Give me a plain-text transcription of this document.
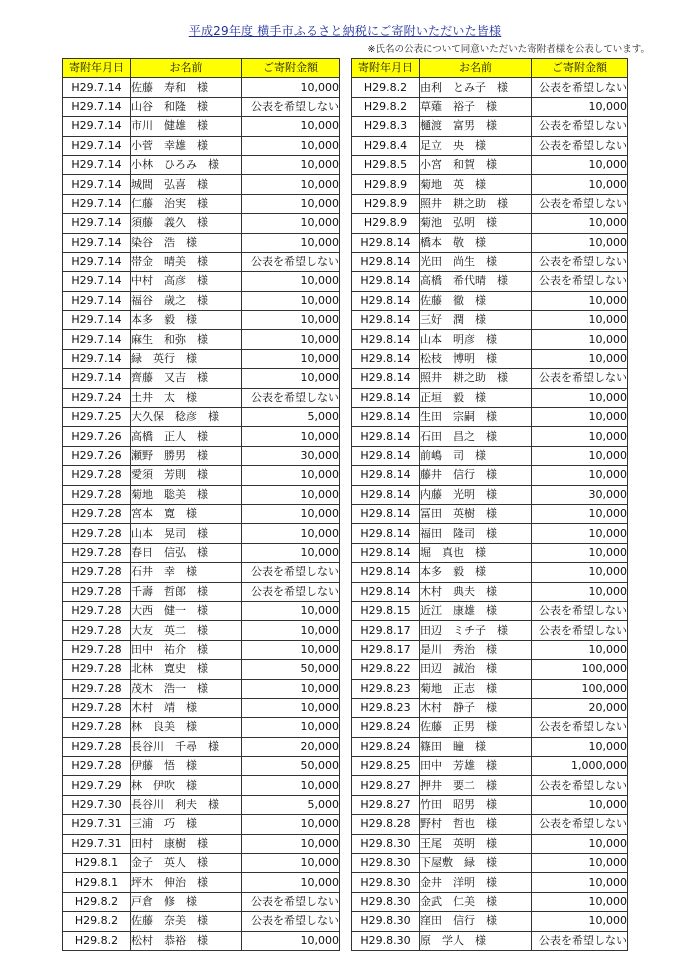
平成29年度 横手市ふるさと納税にご寄附いただいた皆様
※氏名の公表について同意いただいた寄附者様を公表しています。
寄附年月日	お名前	ご寄附金額
H29.7.14	佐藤　寿和　様	10,000
H29.7.14	山谷　和隆　様	公表を希望しない
H29.7.14	市川　健雄　様	10,000
H29.7.14	小菅　幸雄　様	10,000
H29.7.14	小林　ひろみ　様	10,000
H29.7.14	城間　弘喜　様	10,000
H29.7.14	仁藤　治実　様	10,000
H29.7.14	須藤　義久　様	10,000
H29.7.14	染谷　浩　様	10,000
H29.7.14	帯金　晴美　様	公表を希望しない
H29.7.14	中村　高彦　様	10,000
H29.7.14	福谷　歳之　様	10,000
H29.7.14	本多　毅　様	10,000
H29.7.14	麻生　和弥　様	10,000
H29.7.14	緑　英行　様	10,000
H29.7.14	齊藤　又吉　様	10,000
H29.7.24	土井　太　様	公表を希望しない
H29.7.25	大久保　稔彦　様	5,000
H29.7.26	高橋　正人　様	10,000
H29.7.26	瀬野　勝男　様	30,000
H29.7.28	愛須　芳則　様	10,000
H29.7.28	菊地　聡美　様	10,000
H29.7.28	宮本　寛　様	10,000
H29.7.28	山本　晃司　様	10,000
H29.7.28	春日　信弘　様	10,000
H29.7.28	石井　幸　様	公表を希望しない
H29.7.28	千壽　哲郎　様	公表を希望しない
H29.7.28	大西　健一　様	10,000
H29.7.28	大友　英二　様	10,000
H29.7.28	田中　祐介　様	10,000
H29.7.28	北林　寛史　様	50,000
H29.7.28	茂木　浩一　様	10,000
H29.7.28	木村　靖　様	10,000
H29.7.28	林　良美　様	10,000
H29.7.28	長谷川　千尋　様	20,000
H29.7.28	伊藤　悟　様	50,000
H29.7.29	林　伊吹　様	10,000
H29.7.30	長谷川　利夫　様	5,000
H29.7.31	三浦　巧　様	10,000
H29.7.31	田村　康樹　様	10,000
H29.8.1	金子　英人　様	10,000
H29.8.1	坪木　伸治　様	10,000
H29.8.2	戸倉　修　様	公表を希望しない
H29.8.2	佐藤　奈美　様	公表を希望しない
H29.8.2	松村　恭裕　様	10,000
寄附年月日	お名前	ご寄附金額
H29.8.2	由利　とみ子　様	公表を希望しない
H29.8.2	草薙　裕子　様	10,000
H29.8.3	樋渡　富男　様	公表を希望しない
H29.8.4	足立　央　様	公表を希望しない
H29.8.5	小宮　和賀　様	10,000
H29.8.9	菊地　英　様	10,000
H29.8.9	照井　耕之助　様	公表を希望しない
H29.8.9	菊池　弘明　様	10,000
H29.8.14	橋本　敬　様	10,000
H29.8.14	光田　尚生　様	公表を希望しない
H29.8.14	高橋　希代晴　様	公表を希望しない
H29.8.14	佐藤　徹　様	10,000
H29.8.14	三好　潤　様	10,000
H29.8.14	山本　明彦　様	10,000
H29.8.14	松枝　博明　様	10,000
H29.8.14	照井　耕之助　様	公表を希望しない
H29.8.14	正垣　毅　様	10,000
H29.8.14	生田　宗嗣　様	10,000
H29.8.14	石田　昌之　様	10,000
H29.8.14	前嶋　司　様	10,000
H29.8.14	藤井　信行　様	10,000
H29.8.14	内藤　光明　様	30,000
H29.8.14	冨田　英樹　様	10,000
H29.8.14	福田　隆司　様	10,000
H29.8.14	堀　真也　様	10,000
H29.8.14	本多　毅　様	10,000
H29.8.14	木村　典夫　様	10,000
H29.8.15	近江　康雄　様	公表を希望しない
H29.8.17	田辺　ミチ子　様	公表を希望しない
H29.8.17	是川　秀治　様	10,000
H29.8.22	田辺　誠治　様	100,000
H29.8.23	菊地　正志　様	100,000
H29.8.23	木村　静子　様	20,000
H29.8.24	佐藤　正男　様	公表を希望しない
H29.8.24	篠田　瞳　様	10,000
H29.8.25	田中　芳雄　様	1,000,000
H29.8.27	押井　要二　様	公表を希望しない
H29.8.27	竹田　昭男　様	10,000
H29.8.28	野村　哲也　様	公表を希望しない
H29.8.30	王尾　英明　様	10,000
H29.8.30	下屋敷　緑　様	10,000
H29.8.30	金井　洋明　様	10,000
H29.8.30	金武　仁美　様	10,000
H29.8.30	窪田　信行　様	10,000
H29.8.30	原　学人　様	公表を希望しない
